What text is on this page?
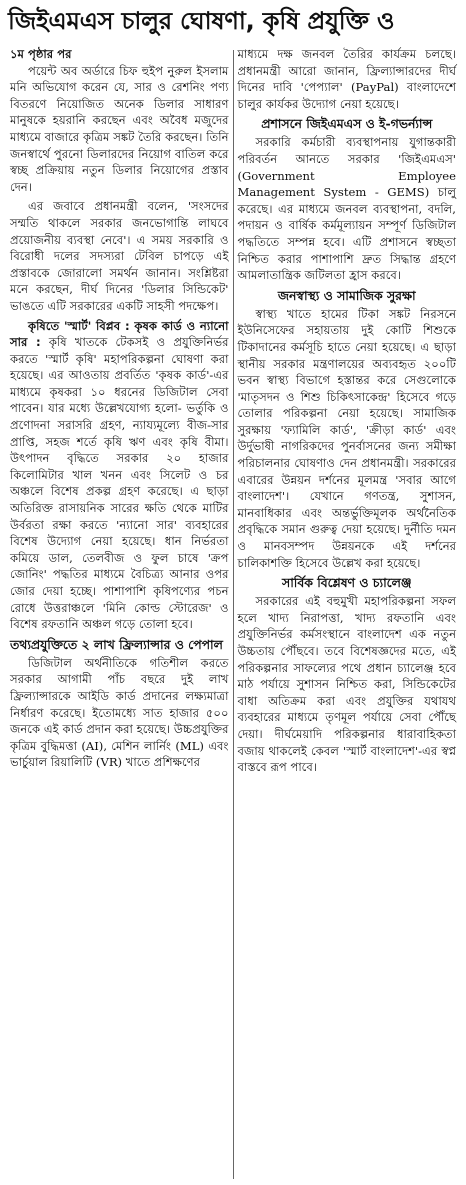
জিইএমএস চালুর ঘোষণা, কৃষি প্রযুক্তি ও
১ম পৃষ্ঠার পর

পয়েন্ট অব অর্ডারে চিফ হুইপ নুরুল ইসলাম মনি অভিযোগ করেন যে, সার ও রেশনিং পণ্য বিতরণে নিয়োজিত অনেক ডিলার সাধারণ মানুষকে হয়রানি করছেন এবং অবৈধ মজুদের মাধ্যমে বাজারে কৃত্রিম সঙ্কট তৈরি করছেন। তিনি জনস্বার্থে পুরনো ডিলারদের নিয়োগ বাতিল করে স্বচ্ছ প্রক্রিয়ায় নতুন ডিলার নিয়োগের প্রস্তাব দেন।

এর জবাবে প্রধানমন্ত্রী বলেন, 'সংসদের সম্মতি থাকলে সরকার জনভোগান্তি লাঘবে প্রয়োজনীয় ব্যবস্থা নেবে'। এ সময় সরকারি ও বিরোধী দলের সদস্যরা টেবিল চাপড়ে এই প্রস্তাবকে জোরালো সমর্থন জানান। সংশ্লিষ্টরা মনে করছেন, দীর্ঘ দিনের 'ডিলার সিন্ডিকেট' ভাঙতে এটি সরকারের একটি সাহসী পদক্ষেপ।

কৃষিতে 'স্মার্ট' বিপ্লব : কৃষক কার্ড ও ন্যানো সার : কৃষি খাতকে টেকসই ও প্রযুক্তিনির্ভর করতে 'স্মার্ট কৃষি' মহাপরিকল্পনা ঘোষণা করা হয়েছে। এর আওতায় প্রবর্তিত 'কৃষক কার্ড'-এর মাধ্যমে কৃষকরা ১০ ধরনের ডিজিটাল সেবা পাবেন। যার মধ্যে উল্লেখযোগ্য হলো- ভর্তুকি ও প্রণোদনা সরাসরি গ্রহণ, ন্যায্যমূল্যে বীজ-সার প্রাপ্তি, সহজ শর্তে কৃষি ঋণ এবং কৃষি বীমা। উৎপাদন বৃদ্ধিতে সরকার ২০ হাজার কিলোমিটার খাল খনন এবং সিলেট ও চর অঞ্চলে বিশেষ প্রকল্প গ্রহণ করেছে। এ ছাড়া অতিরিক্ত রাসায়নিক সারের ক্ষতি থেকে মাটির উর্বরতা রক্ষা করতে 'ন্যানো সার' ব্যবহারের বিশেষ উদ্যোগ নেয়া হয়েছে। ধান নির্ভরতা কমিয়ে ডাল, তেলবীজ ও ফুল চাষে 'ক্রপ জোনিং' পদ্ধতির মাধ্যমে বৈচিত্র্য আনার ওপর জোর দেয়া হচ্ছে। পাশাপাশি কৃষিপণ্যের পচন রোধে উত্তরাঞ্চলে 'মিনি কোল্ড স্টোরেজ' ও বিশেষ রফতানি অঞ্চল গড়ে তোলা হবে।

তথ্যপ্রযুক্তিতে ২ লাখ ফ্রিল্যান্সার ও পেপাল

ডিজিটাল অর্থনীতিকে গতিশীল করতে সরকার আগামী পাঁচ বছরে দুই লাখ ফ্রিল্যান্সারকে আইডি কার্ড প্রদানের লক্ষ্যমাত্রা নির্ধারণ করেছে। ইতোমধ্যে সাত হাজার ৫০০ জনকে এই কার্ড প্রদান করা হয়েছে। উচ্চপ্রযুক্তির কৃত্রিম বুদ্ধিমত্তা (AI), মেশিন লার্নিং (ML) এবং ভার্চুয়াল রিয়ালিটি (VR) খাতে প্রশিক্ষণের

মাধ্যমে দক্ষ জনবল তৈরির কার্যক্রম চলছে। প্রধানমন্ত্রী আরো জানান, ফ্রিল্যান্সারদের দীর্ঘ দিনের দাবি 'পেপ্যাল' (PayPal) বাংলাদেশে চালুর কার্যকর উদ্যোগ নেয়া হয়েছে।

প্রশাসনে জিইএমএস ও ই-গভর্ন্যান্স

সরকারি কর্মচারী ব্যবস্থাপনায় যুগান্তকারী পরিবর্তন আনতে সরকার 'জিইএমএস' (Government Employee Management System - GEMS) চালু করেছে। এর মাধ্যমে জনবল ব্যবস্থাপনা, বদলি, পদায়ন ও বার্ষিক কর্মমূল্যায়ন সম্পূর্ণ ডিজিটাল পদ্ধতিতে সম্পন্ন হবে। এটি প্রশাসনে স্বচ্ছতা নিশ্চিত করার পাশাপাশি দ্রুত সিদ্ধান্ত গ্রহণে আমলাতান্ত্রিক জটিলতা হ্রাস করবে।

জনস্বাস্থ্য ও সামাজিক সুরক্ষা

স্বাস্থ্য খাতে হামের টিকা সঙ্কট নিরসনে ইউনিসেফের সহায়তায় দুই কোটি শিশুকে টিকাদানের কর্মসূচি হাতে নেয়া হয়েছে। এ ছাড়া স্থানীয় সরকার মন্ত্রণালয়ের অব্যবহৃত ২০০টি ভবন স্বাস্থ্য বিভাগে হস্তান্তর করে সেগুলোকে 'মাতৃসদন ও শিশু চিকিৎসাকেন্দ্র' হিসেবে গড়ে তোলার পরিকল্পনা নেয়া হয়েছে। সামাজিক সুরক্ষায় 'ফ্যামিলি কার্ড', 'ক্রীড়া কার্ড' এবং উর্দুভাষী নাগরিকদের পুনর্বাসনের জন্য সমীক্ষা পরিচালনার ঘোষণাও দেন প্রধানমন্ত্রী। সরকারের এবারের উন্নয়ন দর্শনের মূলমন্ত্র 'সবার আগে বাংলাদেশ'। যেখানে গণতন্ত্র, সুশাসন, মানবাধিকার এবং অন্তর্ভুক্তিমূলক অর্থনৈতিক প্রবৃদ্ধিকে সমান গুরুত্ব দেয়া হয়েছে। দুর্নীতি দমন ও মানবসম্পদ উন্নয়নকে এই দর্শনের চালিকাশক্তি হিসেবে উল্লেখ করা হয়েছে।

সার্বিক বিশ্লেষণ ও চ্যালেঞ্জ

সরকারের এই বহুমুখী মহাপরিকল্পনা সফল হলে খাদ্য নিরাপত্তা, খাদ্য রফতানি এবং প্রযুক্তিনির্ভর কর্মসংস্থানে বাংলাদেশ এক নতুন উচ্চতায় পৌঁছবে। তবে বিশেষজ্ঞদের মতে, এই পরিকল্পনার সাফল্যের পথে প্রধান চ্যালেঞ্জ হবে মাঠ পর্যায়ে সুশাসন নিশ্চিত করা, সিন্ডিকেটের বাধা অতিক্রম করা এবং প্রযুক্তির যথাযথ ব্যবহারের মাধ্যমে তৃণমূল পর্যায়ে সেবা পৌঁছে দেয়া। দীর্ঘমেয়াদি পরিকল্পনার ধারাবাহিকতা বজায় থাকলেই কেবল 'স্মার্ট বাংলাদেশ'-এর স্বপ্ন বাস্তবে রূপ পাবে।
